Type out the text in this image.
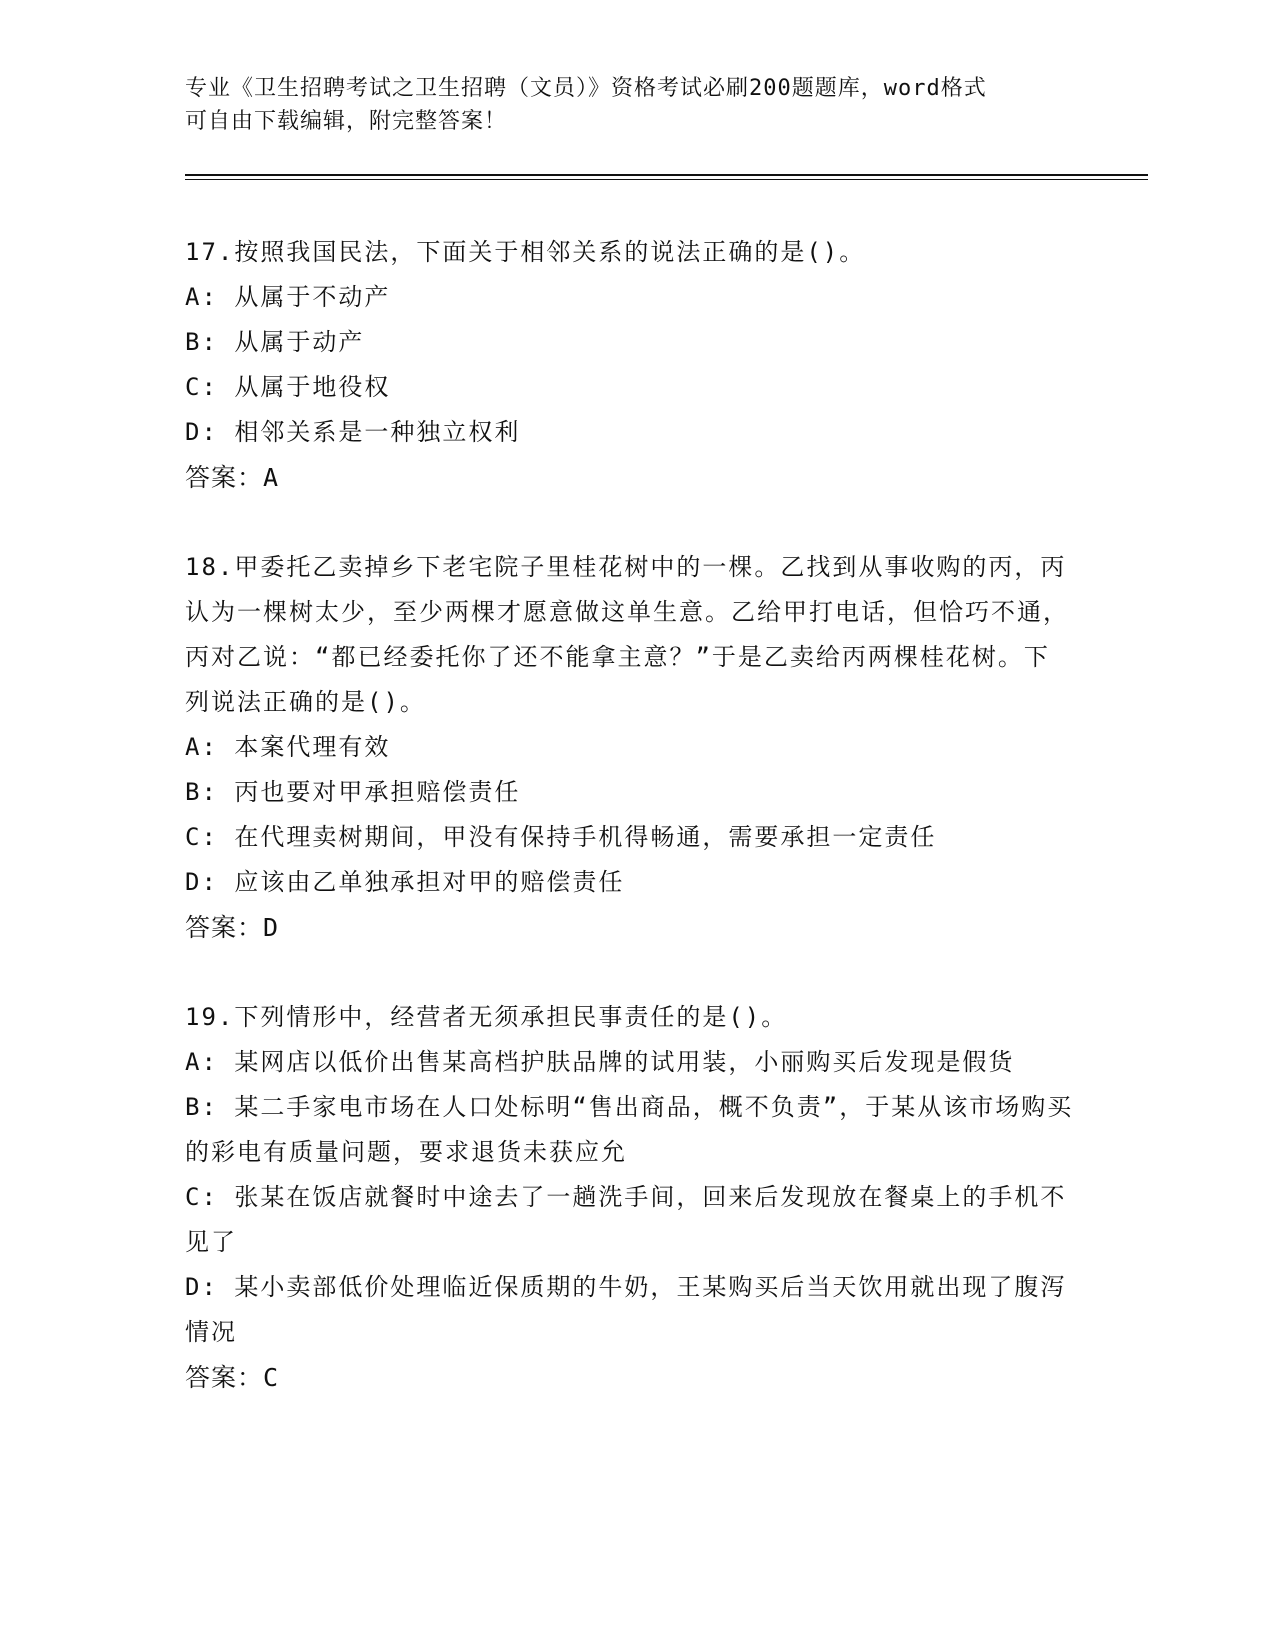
专业《卫生招聘考试之卫生招聘（文员）》资格考试必刷200题题库，word格式
可自由下载编辑，附完整答案！

17.按照我国民法，下面关于相邻关系的说法正确的是()。

A: 从属于不动产

B: 从属于动产

C: 从属于地役权

D: 相邻关系是一种独立权利

答案：A

18.甲委托乙卖掉乡下老宅院子里桂花树中的一棵。乙找到从事收购的丙，丙认为一棵树太少，至少两棵才愿意做这单生意。乙给甲打电话，但恰巧不通，丙对乙说：“都已经委托你了还不能拿主意？”于是乙卖给丙两棵桂花树。下列说法正确的是()。

A: 本案代理有效

B: 丙也要对甲承担赔偿责任

C: 在代理卖树期间，甲没有保持手机得畅通，需要承担一定责任

D: 应该由乙单独承担对甲的赔偿责任

答案：D

19.下列情形中，经营者无须承担民事责任的是()。

A: 某网店以低价出售某高档护肤品牌的试用装，小丽购买后发现是假货

B: 某二手家电市场在人口处标明“售出商品，概不负责”，于某从该市场购买的彩电有质量问题，要求退货未获应允

C: 张某在饭店就餐时中途去了一趟洗手间，回来后发现放在餐桌上的手机不见了

D: 某小卖部低价处理临近保质期的牛奶，王某购买后当天饮用就出现了腹泻情况

答案：C
